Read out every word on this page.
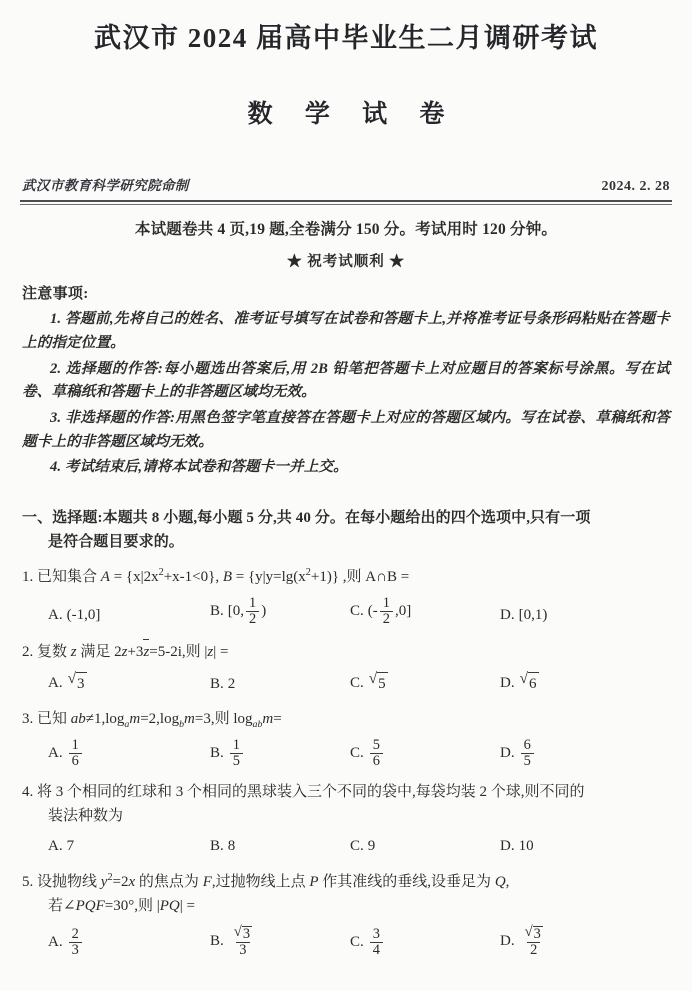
武汉市 2024 届高中毕业生二月调研考试
数 学 试 卷
武汉市教育科学研究院命制	2024. 2. 28
本试题卷共 4 页,19 题,全卷满分 150 分。考试用时 120 分钟。
★ 祝考试顺利 ★
注意事项:
1. 答题前,先将自己的姓名、准考证号填写在试卷和答题卡上,并将准考证号条形码粘贴在答题卡上的指定位置。
2. 选择题的作答:每小题选出答案后,用 2B 铅笔把答题卡上对应题目的答案标号涂黑。写在试卷、草稿纸和答题卡上的非答题区域均无效。
3. 非选择题的作答:用黑色签字笔直接答在答题卡上对应的答题区域内。写在试卷、草稿纸和答题卡上的非答题区域均无效。
4. 考试结束后,请将本试卷和答题卡一并上交。
一、选择题:本题共 8 小题,每小题 5 分,共 40 分。在每小题给出的四个选项中,只有一项
是符合题目要求的。
1. 已知集合 $A = \{x|2x^2+x-1<0\}$, $B = \{y|y=\lg(x^2+1)\}$ ,则 A∩B =
A. (-1,0]	B. [0, $\frac{1}{2}$ )	C. (- $\frac{1}{2} ,0$]	D. [0,1)
2. 复数 z 满足 2z+3z=5-2i,则 |z| =
A. √ 3	B. 2	C. √ 5	D. √ 6
3. 已知 $ab\ne 1,\log_am=2,\log_bm=3$,则 $\log_{ab}m=$
A. $\frac{1}{6}$	B. $\frac{1}{5}$	C. $\frac{5}{6}$	D. $\frac{6}{5}$
4. 将 3 个相同的红球和 3 个相同的黑球装入三个不同的袋中,每袋均装 2 个球,则不同的
装法种数为
A. 7	B. 8	C. 9	D. 10
5. 设抛物线 $y^2=2x$ 的焦点为 F,过抛物线上点 P 作其准线的垂线,设垂足为 Q,
若∠PQF=30°,则 |PQ| =
A. $\frac{2}{3}$	B. $\frac{√ 3}{3}$	C. $\frac{3}{4}$	D. $\frac{√ 3}{2}$
